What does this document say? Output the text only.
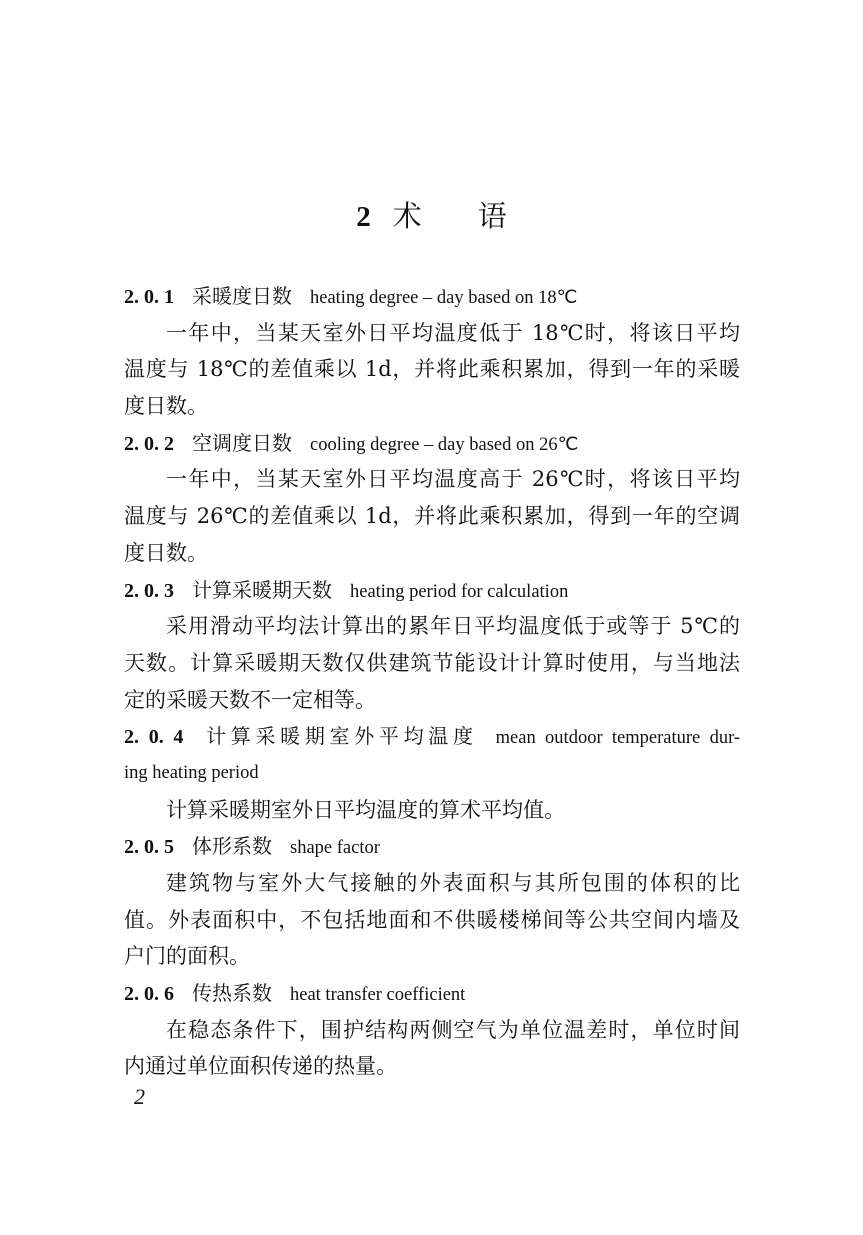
2 术 语
2. 0. 1 采暖度日数 heating degree – day based on 18℃
一年中，当某天室外日平均温度低于 18℃时，将该日平均
温度与 18℃的差值乘以 1d，并将此乘积累加，得到一年的采暖
度日数。
2. 0. 2 空调度日数 cooling degree – day based on 26℃
一年中，当某天室外日平均温度高于 26℃时，将该日平均
温度与 26℃的差值乘以 1d，并将此乘积累加，得到一年的空调
度日数。
2. 0. 3 计算采暖期天数 heating period for calculation
采用滑动平均法计算出的累年日平均温度低于或等于 5℃的
天数。计算采暖期天数仅供建筑节能设计计算时使用，与当地法
定的采暖天数不一定相等。
2. 0. 4 计算采暖期室外平均温度 mean outdoor temperature dur-
ing heating period
计算采暖期室外日平均温度的算术平均值。
2. 0. 5 体形系数 shape factor
建筑物与室外大气接触的外表面积与其所包围的体积的比
值。外表面积中，不包括地面和不供暖楼梯间等公共空间内墙及
户门的面积。
2. 0. 6 传热系数 heat transfer coefficient
在稳态条件下，围护结构两侧空气为单位温差时，单位时间
内通过单位面积传递的热量。
2
